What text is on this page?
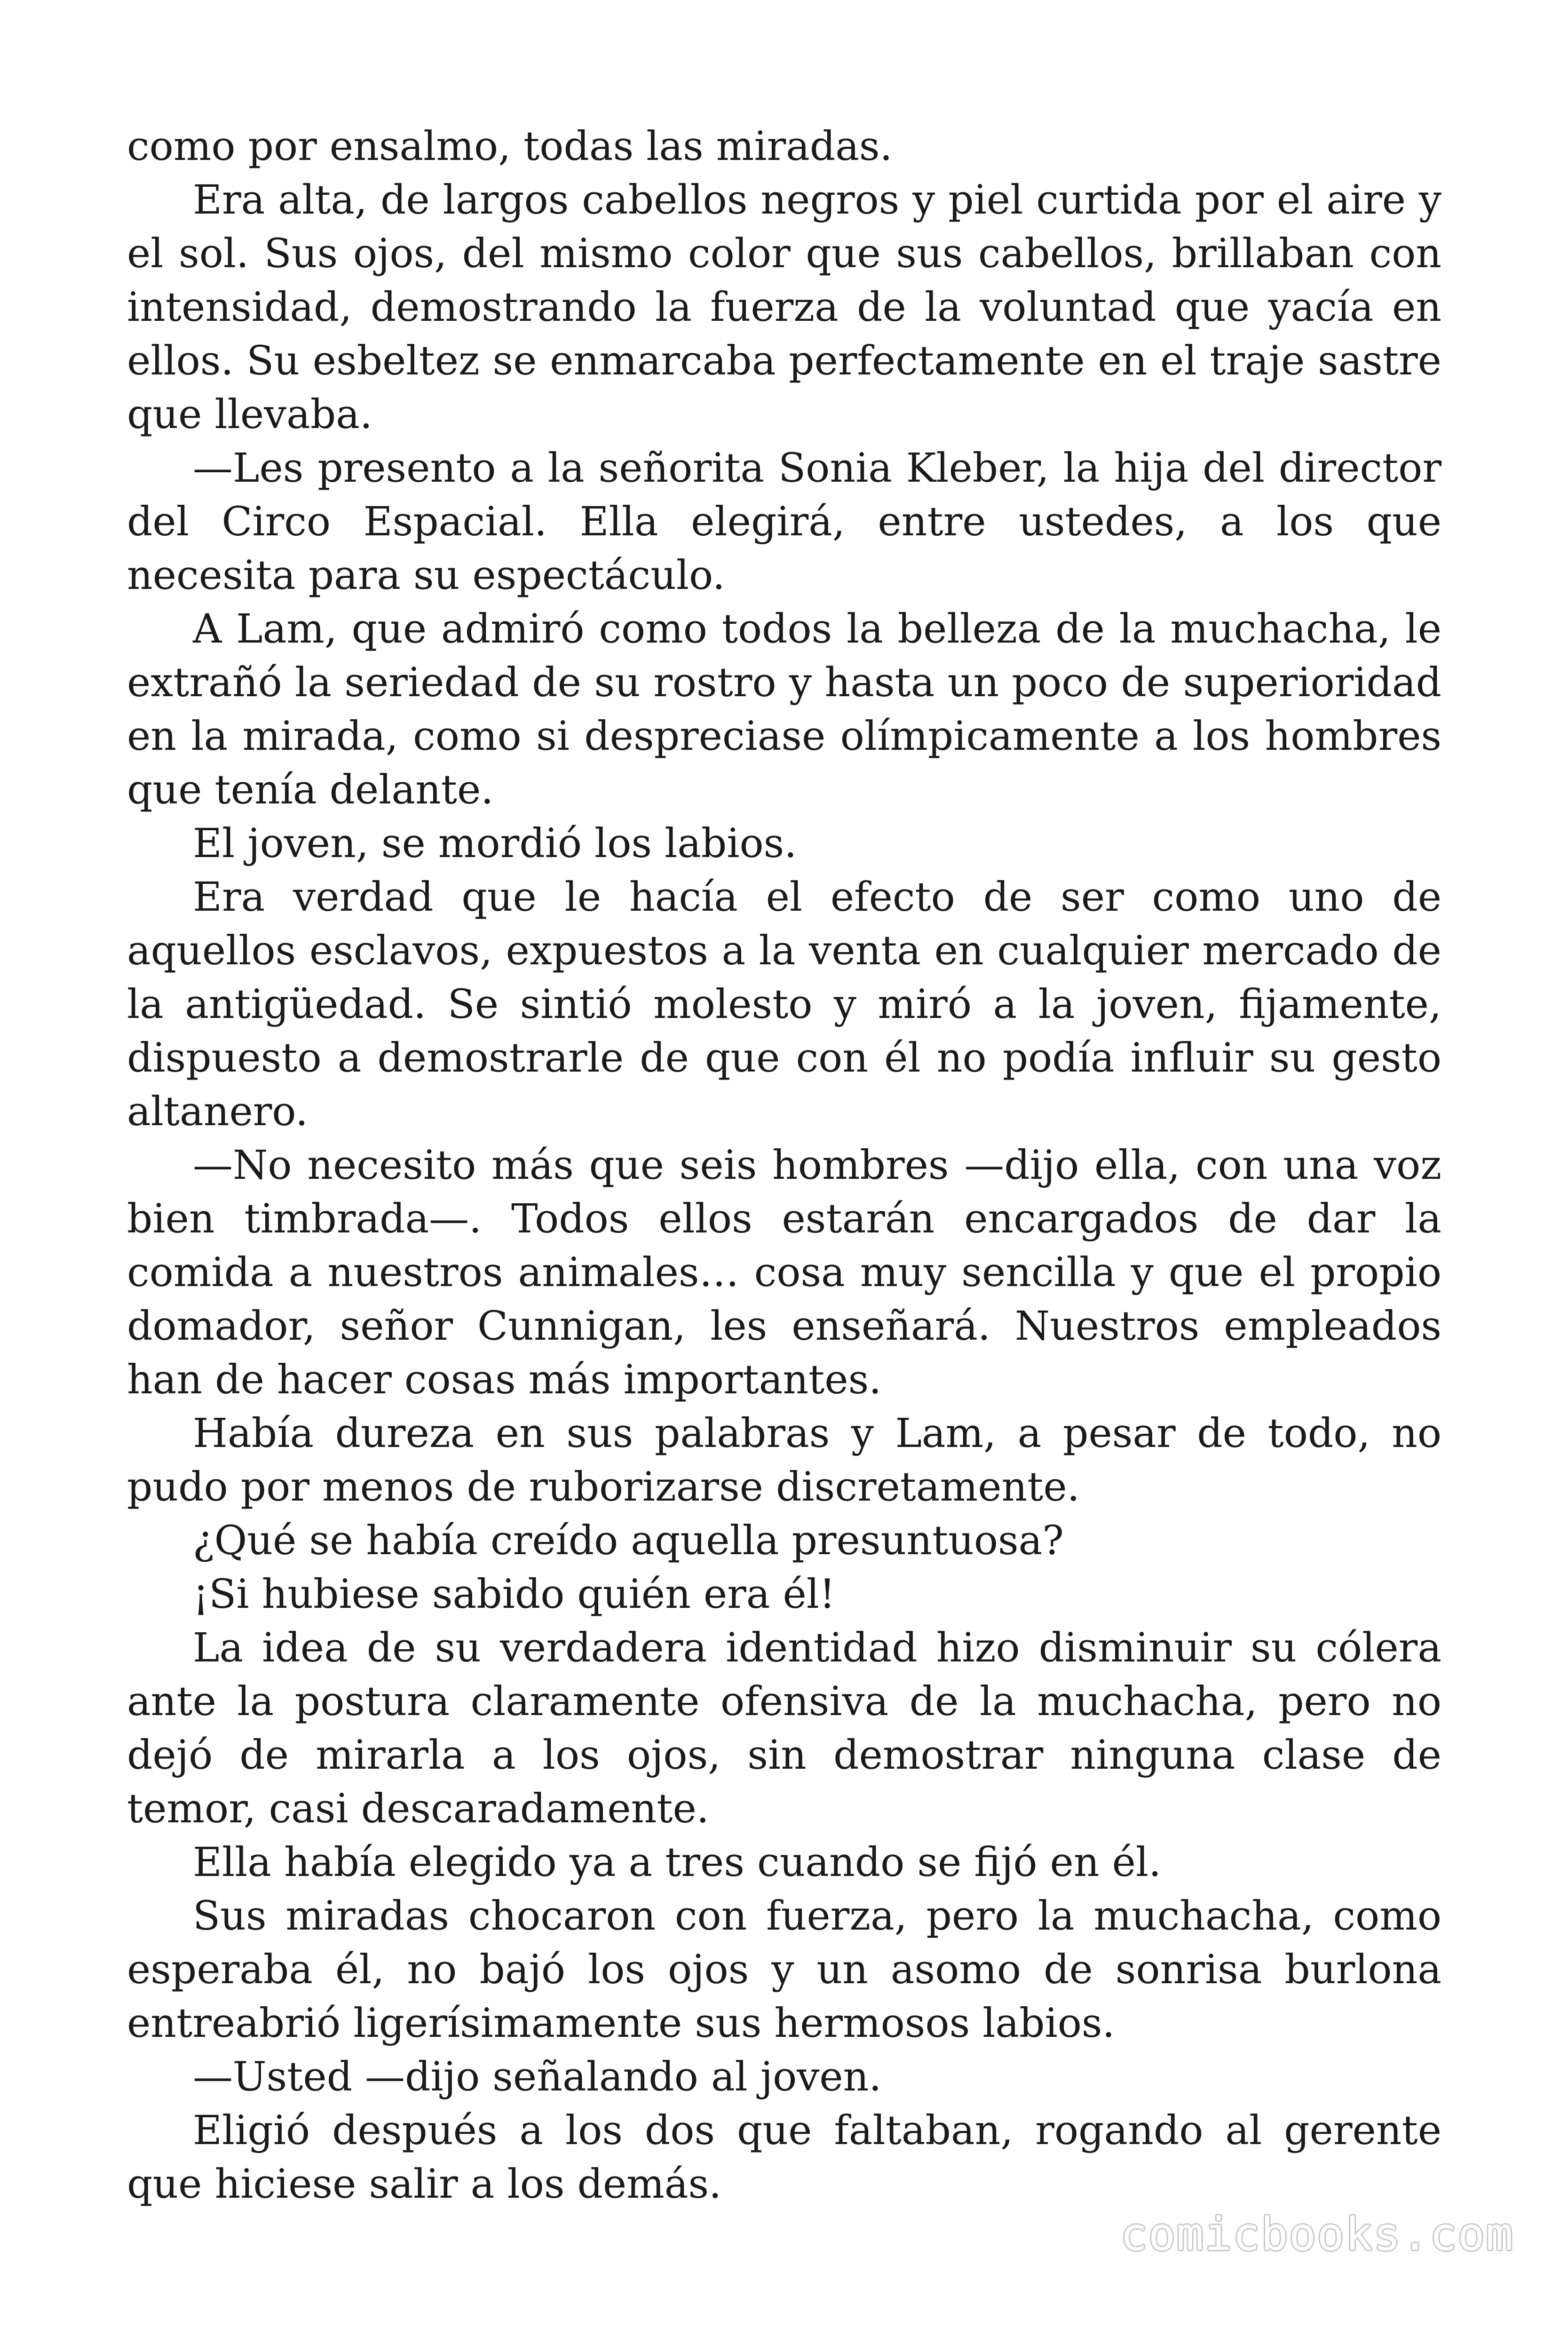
como por ensalmo, todas las miradas.

Era alta, de largos cabellos negros y piel curtida por el aire y el sol. Sus ojos, del mismo color que sus cabellos, brillaban con intensidad, demostrando la fuerza de la voluntad que yacía en ellos. Su esbeltez se enmarcaba perfectamente en el traje sastre que llevaba.

—Les presento a la señorita Sonia Kleber, la hija del director del Circo Espacial. Ella elegirá, entre ustedes, a los que necesita para su espectáculo.

A Lam, que admiró como todos la belleza de la muchacha, le extrañó la seriedad de su rostro y hasta un poco de superioridad en la mirada, como si despreciase olímpicamente a los hombres que tenía delante.

El joven, se mordió los labios.

Era verdad que le hacía el efecto de ser como uno de aquellos esclavos, expuestos a la venta en cualquier mercado de la antigüedad. Se sintió molesto y miró a la joven, fijamente, dispuesto a demostrarle de que con él no podía influir su gesto altanero.

—No necesito más que seis hombres —dijo ella, con una voz bien timbrada—. Todos ellos estarán encargados de dar la comida a nuestros animales… cosa muy sencilla y que el propio domador, señor Cunnigan, les enseñará. Nuestros empleados han de hacer cosas más importantes.

Había dureza en sus palabras y Lam, a pesar de todo, no pudo por menos de ruborizarse discretamente.

¿Qué se había creído aquella presuntuosa?

¡Si hubiese sabido quién era él!

La idea de su verdadera identidad hizo disminuir su cólera ante la postura claramente ofensiva de la muchacha, pero no dejó de mirarla a los ojos, sin demostrar ninguna clase de temor, casi descaradamente.

Ella había elegido ya a tres cuando se fijó en él.

Sus miradas chocaron con fuerza, pero la muchacha, como esperaba él, no bajó los ojos y un asomo de sonrisa burlona entreabrió ligerísimamente sus hermosos labios.

—Usted —dijo señalando al joven.

Eligió después a los dos que faltaban, rogando al gerente que hiciese salir a los demás.

comicbooks.com
